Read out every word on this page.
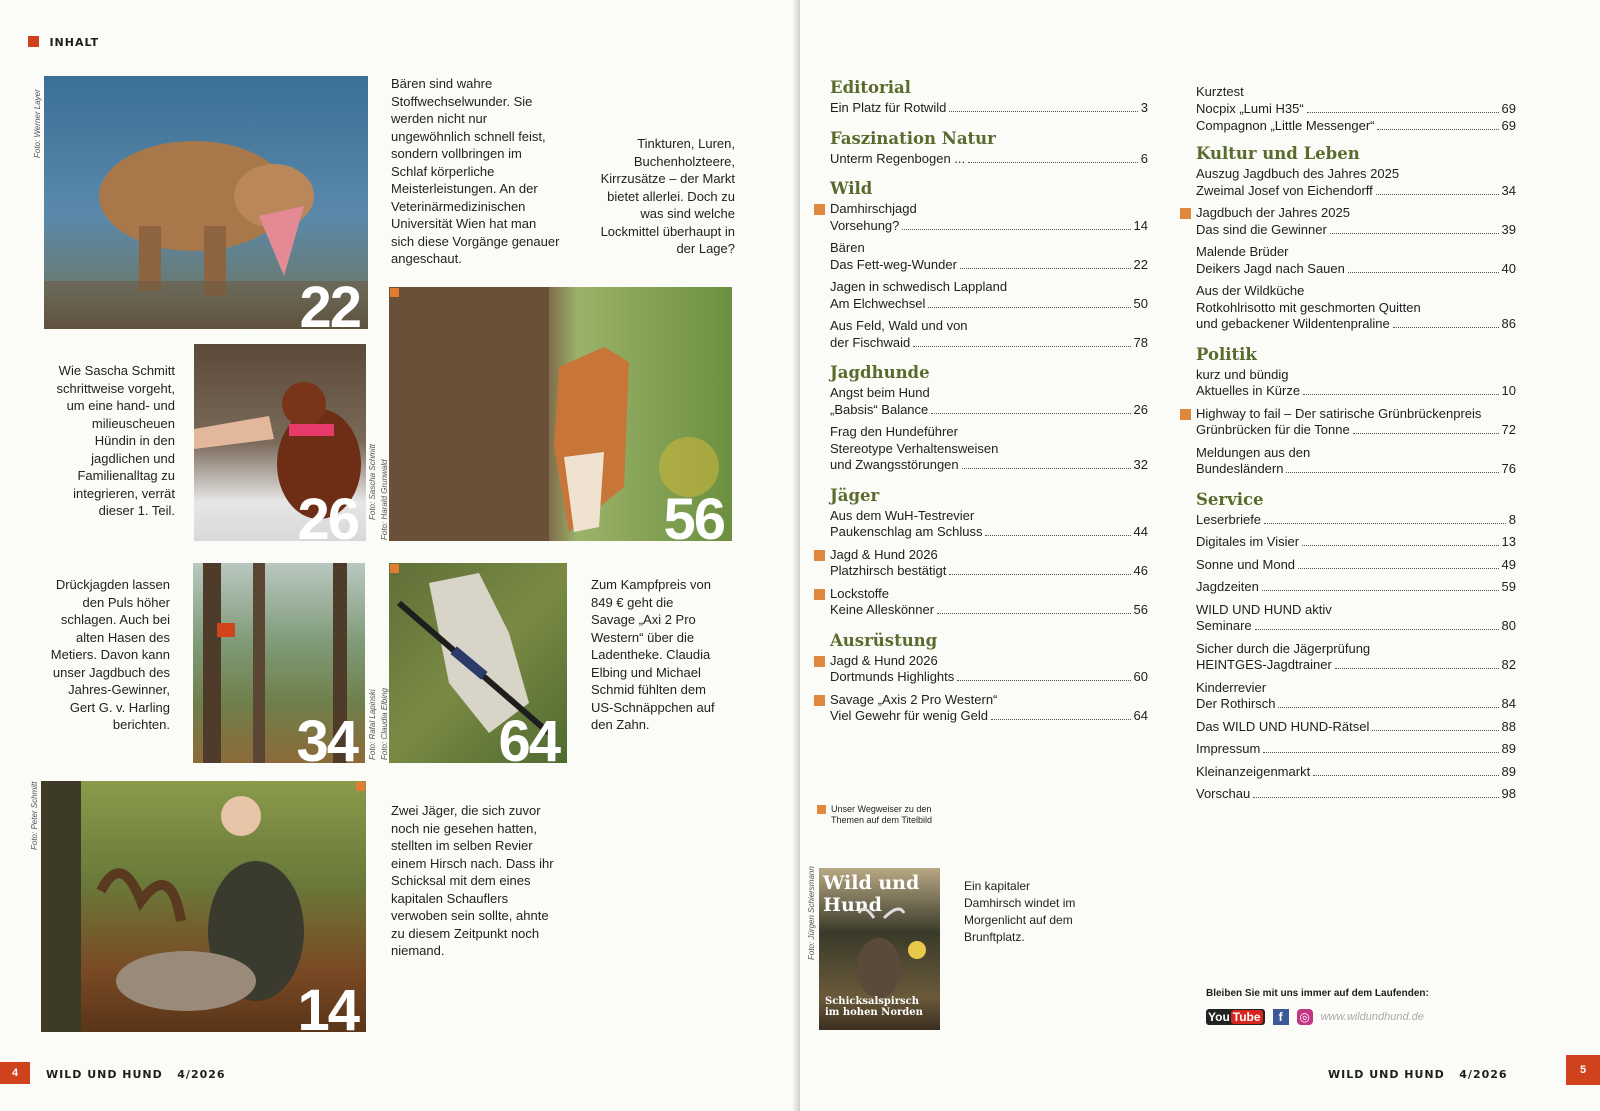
INHALT
22
Foto: Werner Layer
Bären sind wahre Stoffwechselwunder. Sie werden nicht nur ungewöhnlich schnell feist, sondern vollbringen im Schlaf körperliche Meisterleistungen. An der Veterinärmedizinischen Universität Wien hat man sich diese Vorgänge genauer angeschaut.
Tinkturen, Luren, Buchenholzteere, Kirrzusätze – der Markt bietet allerlei. Doch zu was sind welche Lockmittel überhaupt in der Lage?
Wie Sascha Schmitt schrittweise vorgeht, um eine hand- und milieuscheuen Hündin in den jagdlichen und Familienalltag zu integrieren, verrät dieser 1. Teil. 26 Foto: Sascha Schmitt	56
Foto: Harald Grunwald
Drückjagden lassen den Puls höher schlagen. Auch bei alten Hasen des Metiers. Davon kann unser Jagdbuch des Jahres-Gewinner, Gert G. v. Harling berichten. 34 Foto: Rafal Lapinski 64
Foto: Claudia Elbing
Zum Kampfpreis von 849 € geht die Savage „Axi 2 Pro Western“ über die Ladentheke. Claudia Elbing und Michael Schmid fühlten dem US-Schnäppchen auf den Zahn.
14
Foto: Peter Schmitt	Zwei Jäger, die sich zuvor noch nie gesehen hatten, stellten im selben Revier einem Hirsch nach. Dass ihr Schicksal mit dem eines kapitalen Schauflers verwoben sein sollte, ahnte zu diesem Zeitpunkt noch niemand.
4	WILD UND HUND 4/2026
Editorial
Ein Platz für Rotwild	3
Faszination Natur
Unterm Regenbogen ...	6
Wild
Damhirschjagd
Vorsehung?	14
Bären
Das Fett-weg-Wunder	22
Jagen in schwedisch Lappland
Am Elchwechsel	50
Aus Feld, Wald und von
der Fischwaid	78
Jagdhunde
Angst beim Hund
„Babsis“ Balance	26
Frag den Hundeführer
Stereotype Verhaltensweisen
und Zwangsstörungen	32
Jäger
Aus dem WuH-Testrevier
Paukenschlag am Schluss	44
Jagd & Hund 2026
Platzhirsch bestätigt	46
Lockstoffe
Keine Alleskönner	56
Ausrüstung
Jagd & Hund 2026
Dortmunds Highlights	60
Savage „Axis 2 Pro Western“
Viel Gewehr für wenig Geld	64
Kurztest
Nocpix „Lumi H35“	69
Compagnon „Little Messenger“	69
Kultur und Leben
Auszug Jagdbuch des Jahres 2025
Zweimal Josef von Eichendorff	34
Jagdbuch der Jahres 2025
Das sind die Gewinner	39
Malende Brüder
Deikers Jagd nach Sauen	40
Aus der Wildküche
Rotkohlrisotto mit geschmorten Quitten
und gebackener Wildentenpraline	86
Politik
kurz und bündig
Aktuelles in Kürze	10
Highway to fail – Der satirische Grünbrückenpreis
Grünbrücken für die Tonne	72
Meldungen aus den
Bundesländern	76
Service
Leserbriefe	8
Digitales im Visier	13
Sonne und Mond	49
Jagdzeiten	59
WILD UND HUND aktiv
Seminare	80
Sicher durch die Jägerprüfung
HEINTGES-Jagdtrainer	82
Kinderrevier
Der Rothirsch	84
Das WILD UND HUND-Rätsel	88
Impressum	89
Kleinanzeigenmarkt	89
Vorschau	98
Unser Wegweiser zu den Themen auf dem Titelbild
Wild und Hund
Schicksalspirsch im hohen Norden
Foto: Jürgen Schiersmann	Ein kapitaler Damhirsch windet im Morgenlicht auf dem Brunftplatz.
Bleiben Sie mit uns immer auf dem Laufenden:
You Tube	f	◎ www.wildundhund.de
WILD UND HUND 4/2026	5
